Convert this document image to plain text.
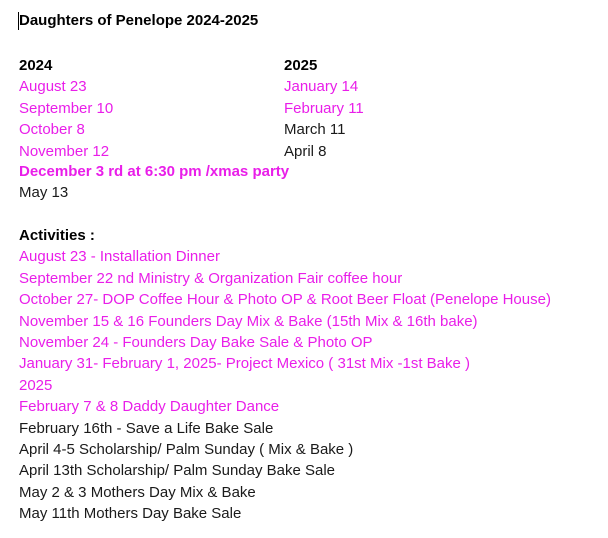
Daughters of Penelope 2024-2025
2024
August 23
September 10
October 8
November 12
2025
January 14
February 11
March 11
April 8
December 3 rd at 6:30 pm /xmas party
May 13
Activities :
August 23 - Installation Dinner
September 22 nd Ministry & Organization Fair coffee hour
October 27- DOP Coffee Hour & Photo OP & Root Beer Float (Penelope House)
November 15 & 16 Founders Day Mix & Bake (15th Mix & 16th bake)
November 24 - Founders Day Bake Sale & Photo OP
January 31- February 1, 2025- Project Mexico ( 31st Mix -1st Bake )
2025
February 7 & 8 Daddy Daughter Dance
February 16th - Save a Life Bake Sale
April 4-5 Scholarship/ Palm Sunday ( Mix & Bake )
April 13th Scholarship/ Palm Sunday Bake Sale
May 2 & 3 Mothers Day Mix & Bake
May 11th Mothers Day Bake Sale
